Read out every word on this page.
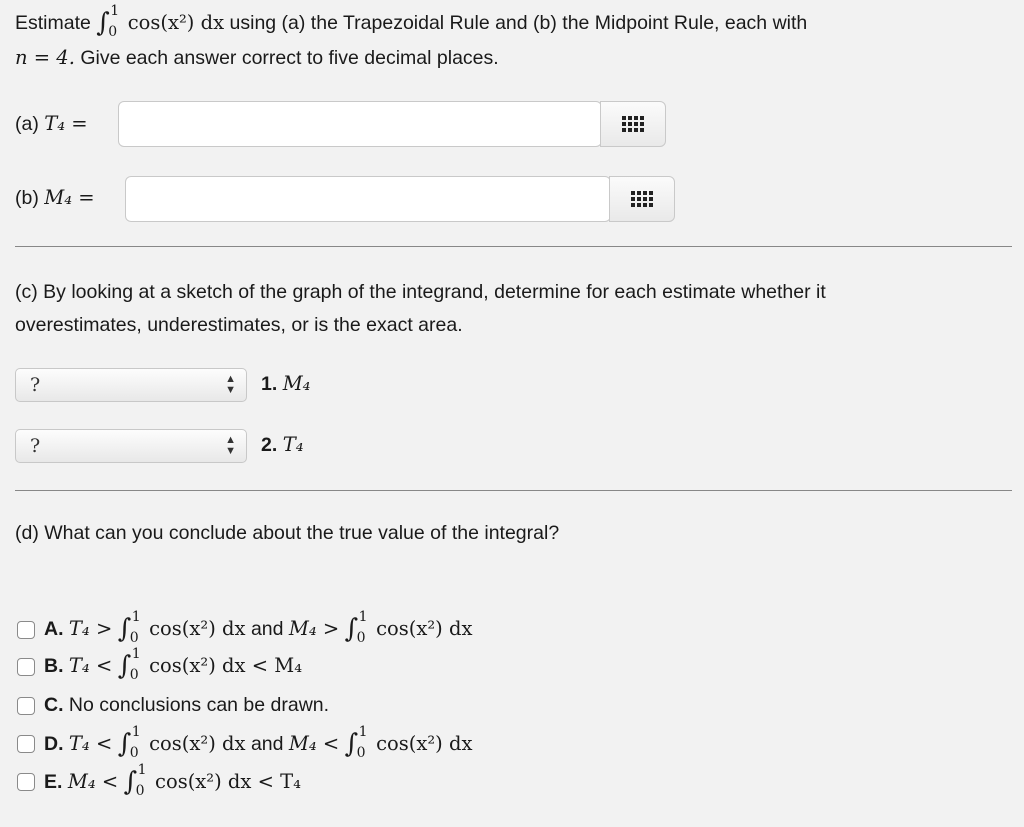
Estimate ∫ 1
0 cos(x²) dx using (a) the Trapezoidal Rule and (b) the Midpoint Rule, each with
n = 4. Give each answer correct to five decimal places.
(a) T₄ =
(b) M₄ =
(c) By looking at a sketch of the graph of the integrand, determine for each estimate whether it
overestimates, underestimates, or is the exact area.
?	▲
▼ 1. M₄
?	▲
▼ 2. T₄
(d) What can you conclude about the true value of the integral?
A. T₄ > ∫ 1
0 cos(x²) dx and M₄ > ∫ 1
0 cos(x²) dx
B. T₄ < ∫ 1
0 cos(x²) dx < M₄
C. No conclusions can be drawn.
D. T₄ < ∫ 1
0 cos(x²) dx and M₄ < ∫ 1
0 cos(x²) dx
E. M₄ < ∫ 1
0 cos(x²) dx < T₄
